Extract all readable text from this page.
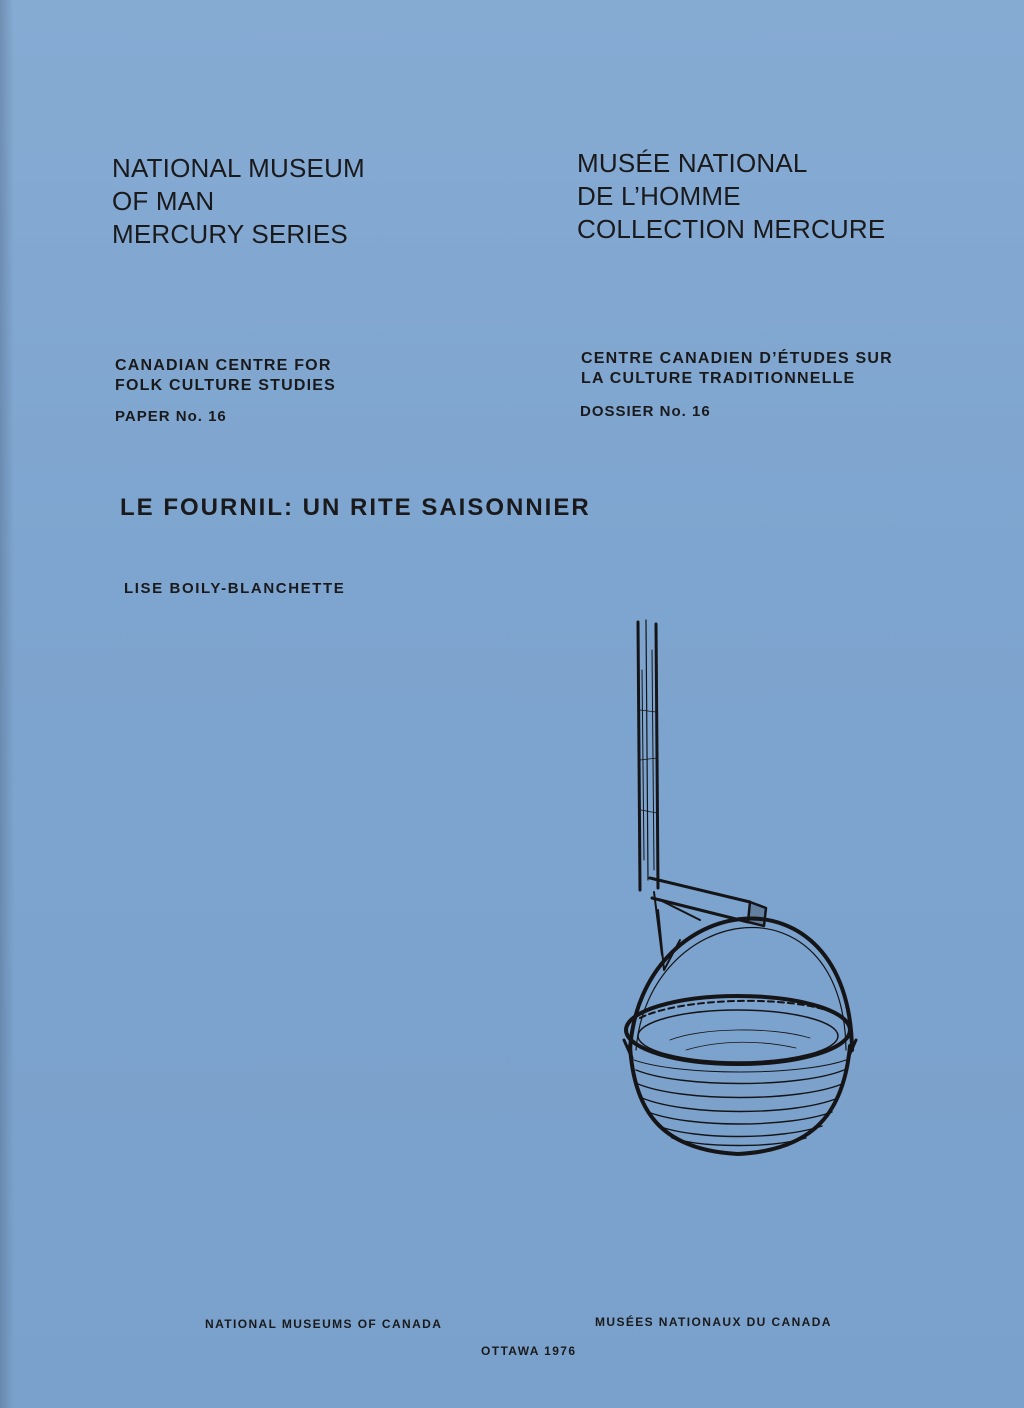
NATIONAL MUSEUM
OF MAN
MERCURY SERIES
MUSÉE NATIONAL
DE L’HOMME
COLLECTION MERCURE
CANADIAN CENTRE FOR
FOLK CULTURE STUDIES
PAPER No. 16
CENTRE CANADIEN D’ÉTUDES SUR
LA CULTURE TRADITIONNELLE
DOSSIER No. 16
LE FOURNIL: UN RITE SAISONNIER
LISE BOILY-BLANCHETTE
NATIONAL MUSEUMS OF CANADA	MUSÉES NATIONAUX DU CANADA
OTTAWA 1976
